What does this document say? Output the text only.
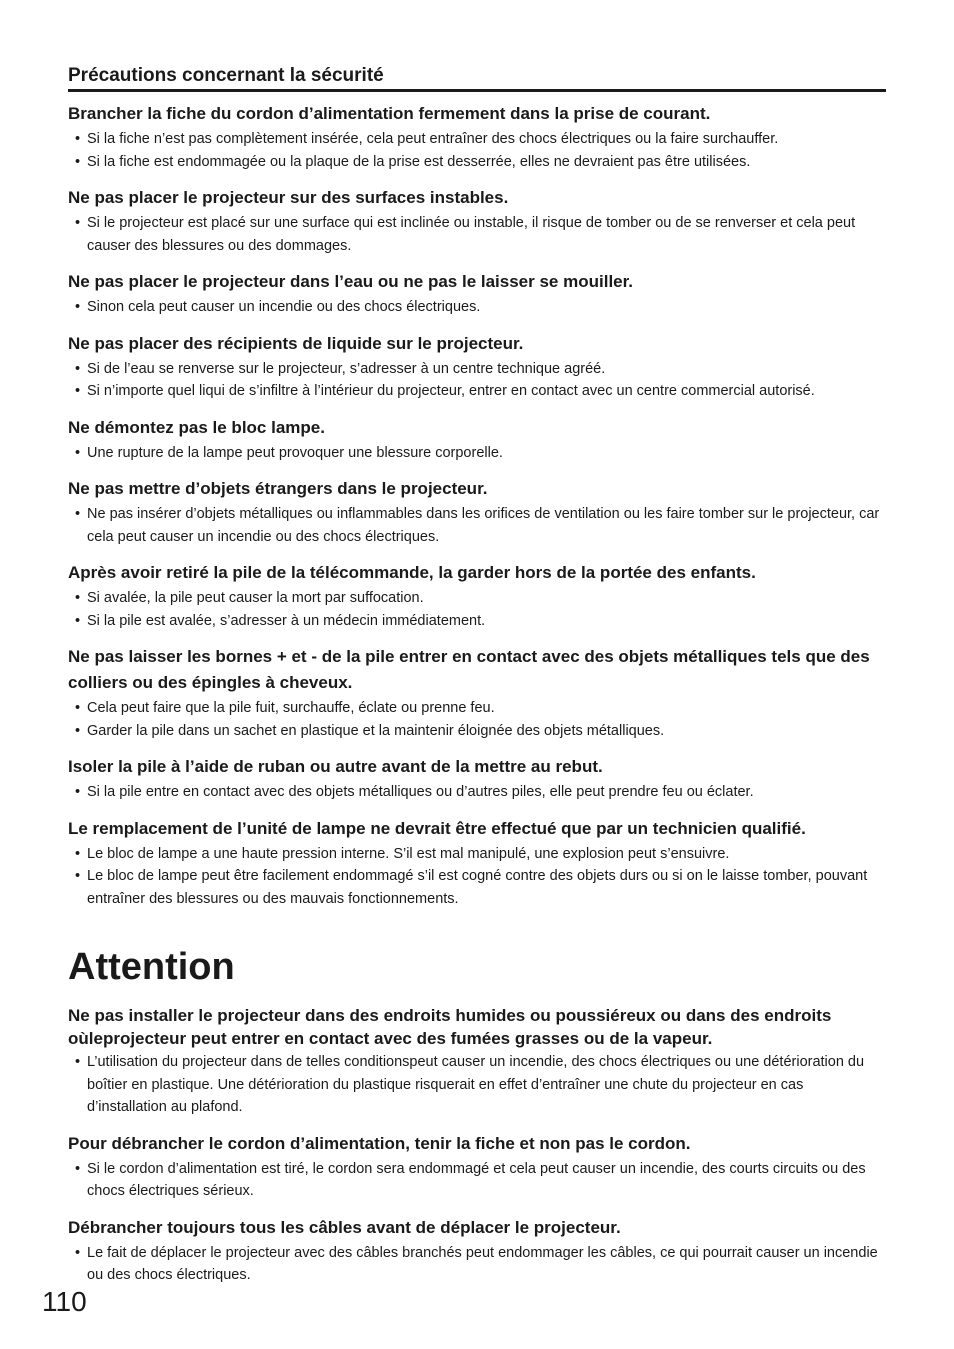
Précautions concernant la sécurité
Brancher la fiche du cordon d’alimentation fermement dans la prise de courant.
• Si la fiche n’est pas complètement insérée, cela peut entraîner des chocs électriques ou la faire surchauffer.
• Si la fiche est endommagée ou la plaque de la prise est desserrée, elles ne devraient pas être utilisées.
Ne pas placer le projecteur sur des surfaces instables.
• Si le projecteur est placé sur une surface qui est inclinée ou instable, il risque de tomber ou de se renverser et cela peut causer des blessures ou des dommages.
Ne pas placer le projecteur dans l’eau ou ne pas le laisser se mouiller.
• Sinon cela peut causer un incendie ou des chocs électriques.
Ne pas placer des récipients de liquide sur le projecteur.
• Si de l’eau se renverse sur le projecteur, s’adresser à un centre technique agréé.
• Si n’importe quel liqui de s’infiltre à l’intérieur du projecteur, entrer en contact avec un centre commercial autorisé.
Ne démontez pas le bloc lampe.
• Une rupture de la lampe peut provoquer une blessure corporelle.
Ne pas mettre d’objets étrangers dans le projecteur.
• Ne pas insérer d’objets métalliques ou inflammables dans les orifices de ventilation ou les faire tomber sur le projecteur, car cela peut causer un incendie ou des chocs électriques.
Après avoir retiré la pile de la télécommande, la garder hors de la portée des enfants.
• Si avalée, la pile peut causer la mort par suffocation.
• Si la pile est avalée, s’adresser à un médecin immédiatement.
Ne pas laisser les bornes + et - de la pile entrer en contact avec des objets métalliques tels que des colliers ou des épingles à cheveux.
• Cela peut faire que la pile fuit, surchauffe, éclate ou prenne feu.
• Garder la pile dans un sachet en plastique et la maintenir éloignée des objets métalliques.
Isoler la pile à l’aide de ruban ou autre avant de la mettre au rebut.
• Si la pile entre en contact avec des objets métalliques ou d’autres piles, elle peut prendre feu ou éclater.
Le remplacement de l’unité de lampe ne devrait être effectué que par un technicien qualifié.
• Le bloc de lampe a une haute pression interne. S’il est mal manipulé, une explosion peut s’ensuivre.
• Le bloc de lampe peut être facilement endommagé s’il est cogné contre des objets durs ou si on le laisse tomber, pouvant entraîner des blessures ou des mauvais fonctionnements.
Attention
Ne pas installer le projecteur dans des endroits humides ou poussiéreux ou dans des endroits oùleprojecteur peut entrer en contact avec des fumées grasses ou de la vapeur.
• L’utilisation du projecteur dans de telles conditionspeut causer un incendie, des chocs électriques ou une détérioration du boîtier en plastique. Une détérioration du plastique risquerait en effet d’entraîner une chute du projecteur en cas d’installation au plafond.
Pour débrancher le cordon d’alimentation, tenir la fiche et non pas le cordon.
• Si le cordon d’alimentation est tiré, le cordon sera endommagé et cela peut causer un incendie, des courts circuits ou des chocs électriques sérieux.
Débrancher toujours tous les câbles avant de déplacer le projecteur.
• Le fait de déplacer le projecteur avec des câbles branchés peut endommager les câbles, ce qui pourrait causer un incendie ou des chocs électriques.
110
